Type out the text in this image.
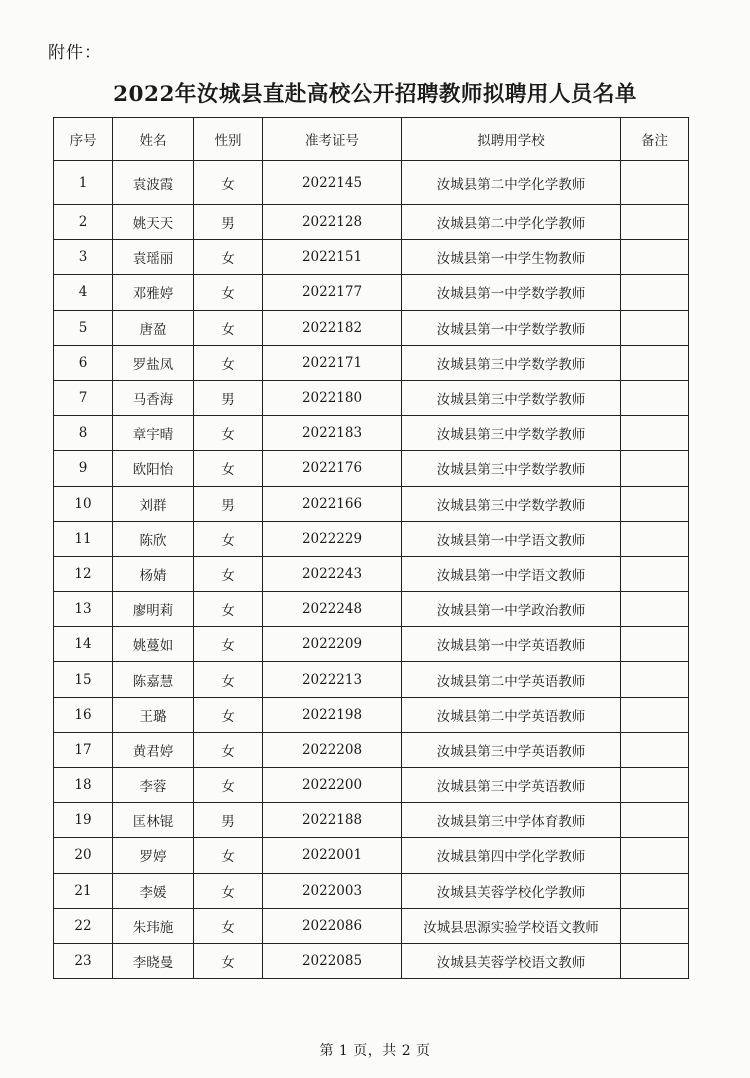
附件：
2022年汝城县直赴高校公开招聘教师拟聘用人员名单
序号	姓名	性别	准考证号	拟聘用学校	备注
1	袁波霞	女	2022145	汝城县第二中学化学教师	
2	姚天天	男	2022128	汝城县第二中学化学教师	
3	袁瑶丽	女	2022151	汝城县第一中学生物教师	
4	邓雅婷	女	2022177	汝城县第一中学数学教师	
5	唐盈	女	2022182	汝城县第一中学数学教师	
6	罗盐凤	女	2022171	汝城县第三中学数学教师	
7	马香海	男	2022180	汝城县第三中学数学教师	
8	章宇晴	女	2022183	汝城县第三中学数学教师	
9	欧阳怡	女	2022176	汝城县第三中学数学教师	
10	刘群	男	2022166	汝城县第三中学数学教师	
11	陈欣	女	2022229	汝城县第一中学语文教师	
12	杨婧	女	2022243	汝城县第一中学语文教师	
13	廖明莉	女	2022248	汝城县第一中学政治教师	
14	姚蔓如	女	2022209	汝城县第一中学英语教师	
15	陈嘉慧	女	2022213	汝城县第二中学英语教师	
16	王璐	女	2022198	汝城县第二中学英语教师	
17	黄君婷	女	2022208	汝城县第三中学英语教师	
18	李蓉	女	2022200	汝城县第三中学英语教师	
19	匡林锟	男	2022188	汝城县第三中学体育教师	
20	罗婷	女	2022001	汝城县第四中学化学教师	
21	李媛	女	2022003	汝城县芙蓉学校化学教师	
22	朱玮施	女	2022086	汝城县思源实验学校语文教师	
23	李晓曼	女	2022085	汝城县芙蓉学校语文教师	
第 1 页，共 2 页
